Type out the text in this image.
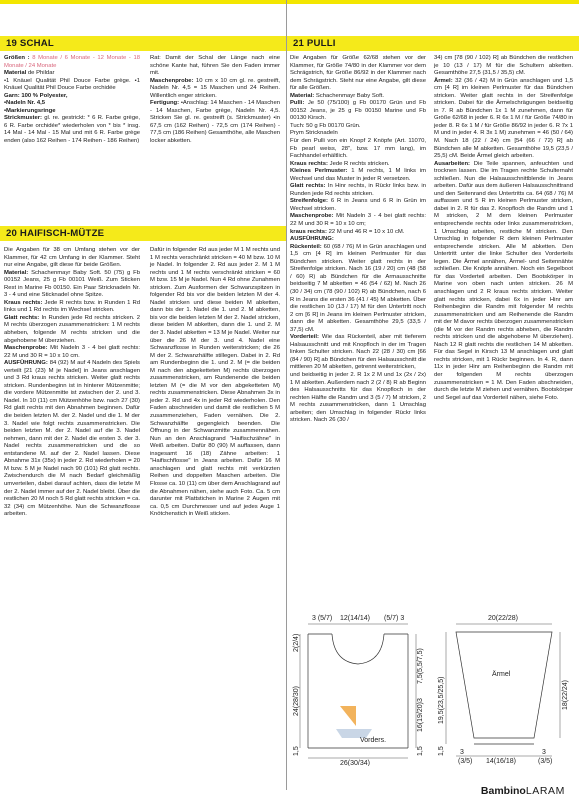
19 SCHAL
20 HAIFISCH-MÜTZE
21 PULLI

Größen : 8 Monate / 6 Monate - 12 Monate - 18 Monate / 24 Monate

Material de Phildar
•1 Knäuel Qualität Phil Douce Farbe grège. •1 Knäuel Qualität Phil Douce Farbe orchidée

Garn: 100 % Polyester,

•Nadeln Nr. 4,5

•Markierungsringe

Strickmuster: gl. re. gestrickt: * 6 R. Farbe grège, 6 R. Farbe orchidée* wiederholen von * bis * insg. 14 Mal - 14 Mal - 15 Mal und mit 6 R. Farbe grège enden (also 162 Reihen - 174 Reihen - 186 Reihen)

Rat: Damit der Schal der Länge nach eine schöne Kante hat, führen Sie den Faden immer mit.

Maschenprobe: 10 cm x 10 cm gl. re. gestreift, Nadeln Nr. 4,5 = 15 Maschen und 24 Reihen. Willentlich enger stricken.

Fertigung: •Anschlag: 14 Maschen - 14 Maschen - 14 Maschen, Farbe grège, Nadeln Nr. 4,5. Stricken Sie gl. re. gestreift (s. Strickmuster) •in 67,5 cm (162 Reihen) - 72,5 cm (174 Reihen) - 77,5 cm (186 Reihen) Gesamthöhe, alle Maschen locker abketten.

Die Angaben für 38 cm Umfang stehen vor der Klammer, für 42 cm Umfang in der Klammer. Steht nur eine Angabe, gilt diese für beide Größen.

Material: Schachenmayr Baby Soft. 50 (75) g Fb 00152 Jeans, 25 g Fb 00101 Weiß. Zum Sticken Rest in Marine Fb 00150. Ein Paar Stricknadeln Nr. 3 - 4 und eine Sticknadel ohne Spitze.

Kraus rechts: Jede R rechts bzw. in Runden 1 Rd links und 1 Rd rechts im Wechsel stricken.

Glatt rechts: In Runden jede Rd rechts stricken. 2 M rechts überzogen zusammenstricken: 1 M rechts abheben, folgende M rechts stricken und die abgehobene M überziehen.

Maschenprobe: Mit Nadeln 3 - 4 bei glatt rechts: 22 M und 30 R = 10 x 10 cm.

AUSFÜHRUNG: 84 (92) M auf 4 Nadeln des Spiels verteilt [21 (23) M je Nadel] in Jeans anschlagen und 3 Rd kraus rechts stricken. Weiter glatt rechts stricken. Rundenbeginn ist in hinterer Mützenmitte; die vordere Mützenmitte ist zwischen der 2. und 3. Nadel. In 10 (11) cm Mützenhöhe bzw. nach 27 (30) Rd glatt rechts mit den Abnahmen beginnen. Dafür die beiden letzten M. der 2. Nadel und die 1. M der 3. Nadel wie folgt rechts zusammenstricken. Die beiden letzten M. der 2. Nadel auf die 3. Nadel nehmen, dann mit der 2. Nadel die ersten 3. der 3. Nadel rechts zusammenstricken und die so entstandene M. auf der 2. Nadel lassen. Diese Abnahme 31x (35x) in jeder 2. Rd wiederholen = 20 M bzw. 5 M je Nadel nach 90 (101) Rd glatt rechts. Zwischendurch die M nach Bedarf gleichmäßig umverteilen, dabei darauf achten, dass die letzte M der 2. Nadel immer auf der 2. Nadel bleibt. Über die restlichen 20 M noch 5 Rd glatt rechts stricken = ca. 32 (34) cm Mützenhöhe. Nun die Schwanzflosse arbeiten.

Dafür in folgender Rd aus jeder M 1 M rechts und 1 M rechts verschränkt stricken = 40 M bzw. 10 M je Nadel. In folgender 2. Rd aus jeder 2. M 1 M rechts und 1 M rechts verschränkt stricken = 60 M bzw. 15 M je Nadel. Nun 4 Rd ohne Zunahmen stricken. Zum Ausformen der Schwanzspitzen in folgender Rd bis vor die beiden letzten M der 4. Nadel stricken und diese beiden M abketten, dann bis der 1. Nadel die 1. und 2. M abketten, bis vor die beiden letzten M der 2. Nadel stricken, diese beiden M abketten, dann die 1. und 2. M der 3. Nadel abketten = 13 M je Nadel. Weiter nur über die 26 M der 3. und 4. Nadel eine Schwanzflosse in Runden weiterstricken; die 26 M der 2. Schwanzhälfte stillegen. Dabei in 2. Rd am Rundenbeginn die 1. und 2. M (= die beiden M nach den abgeketteten M) rechts überzogen zusammenstricken, am Rundenende die beiden letzten M (= die M vor den abgeketteten M) rechts zusammenstricken. Diese Abnahmen 3x in jeder 2. Rd und 4x in jeder Rd wiederholen. Den Faden abschneiden und damit die restlichen 5 M zusammenziehen, Faden vernähen. Die 2. Schwanzhälfte gegengleich beenden. Die Öffnung in der Schwanzmitte zusammennähen. Nun an den Anschlagrand "Haifischzähne" in Weiß arbeiten. Dafür 80 (90) M auffassen, dann insgesamt 16 (18) Zähne arbeiten: 1 "Haifischflosse" in Jeans arbeiten. Dafür 16 M anschlagen und glatt rechts mit verkürzten Reihen und doppelten Maschen arbeiten. Die Flosse ca. 10 (11) cm über dem Anschlagrand auf die Abnahmen nähen, siehe auch Foto. Ca. 5 cm darunter mit Plattstichen in Marine 2 Augen mit ca. 0,5 cm Durchmesser und auf jedes Auge 1 Knötchenstich in Weiß sticken.

Die Angaben für Größe 62/68 stehen vor der Klammer, für Größe 74/80 in der Klammer vor dem Schrägstrich, für Größe 86/92 in der Klammer nach dem Schrägstrich. Steht nur eine Angabe, gilt diese für alle Größen.

Material: Schachenmayr Baby Soft.

Pulli: Je 50 (75/100) g Fb 00170 Grün und Fb 00152 Jeans, je 25 g Fb 00150 Marine und Fb 00130 Kirsch.

Tuch: 50 g Fb 00170 Grün.

Prym Stricknadeln

Für den Pulli von ein Knopf 2 Knöpfe (Art. 11070, Fb pearl weiss, 28", bzw. 17 mm lang), im Fachhandel erhältlich.

Kraus rechts: Jede R rechts stricken.

Kleines Perlmuster: 1 M rechts, 1 M links im Wechsel und das Muster in jeder R versetzen.

Glatt rechts: In Hinr rechts, in Rückr links bzw. in Runden jede Rd rechts stricken.

Streifenfolge: 6 R in Jeans und 6 R in Grün im Wechsel stricken.

Maschenprobe: Mit Nadeln 3 - 4 bei glatt rechts: 22 M und 30 R = 10 x 10 cm;

kraus rechts: 22 M und 46 R = 10 x 10 cM.

AUSFÜHRUNG:

Rückenteil: 60 (68 / 76) M in Grün anschlagen und 1,5 cm [4 R] im kleinen Perlmuster für das Bündchen stricken. Weiter glatt rechts in der Streifenfolge stricken. Nach 16 (19 / 20) cm (48 (58 / 60) R) ab Bündchen für die Armausschnitte beidseitig 7 M abketten = 46 (54 / 62) M. Nach 26 (30 / 34) cm (78 (90 / 102) R) ab Bündchen, nach 6 R in Jeans die ersten 36 (41 / 45) M abketten. Über die restlichen 10 (13 / 17) M für den Untertritt noch 2 cm [6 R] in Jeans im kleinen Perlmuster stricken, dann die M abketten. Gesamthöhe 29,5 (33,5 / 37,5) cM.

Vorderteil: Wie das Rückenteil, aber mit tieferem Halsausschnitt und mit Knopfloch in der im Tragen linken Schulter stricken. Nach 22 (28 / 30) cm [66 (84 / 90) R] ab Bündchen für den Halsausschnitt die mittleren 20 M abketten, getrennt weiterstricken,

und beidseitig in jeder 2. R 1x 2 M und 1x (2x / 2x) 1 M abketten. Außerdem nach 2 (2 / 8) R ab Beginn des Halsausschnitts für das Knopfloch in der rechten Hälfte die Randm und 3 (5 / 7) M stricken, 2 M rechts zusammenstricken, dann 1 Umschlag arbeiten; den Umschlag in folgender Rückr links stricken. Nach 26 (30 /

34) cm [78 (90 / 102) R] ab Bündchen die restlichen je 10 (13 / 17) M für die Schultern abketten. Gesamthöhe 27,5 (31,5 / 35,5) cM.

Ärmel: 32 (36 / 42) M in Grün anschlagen und 1,5 cm [4 R] im kleinen Perlmuster für das Bündchen stricken. Weiter glatt rechts in der Streifenfolge stricken. Dabei für die Ärmelschrägungen beidseitig in 7. R ab Bündchen 1x 1 M zunehmen, dann für Größe 62/68 in jeder 6. R 6x 1 M / für Größe 74/80 in jeder 8. R 6x 1 M / für Größe 86/92 in jeder 6. R 7x 1 M und in jeder 4. R 3x 1 M) zunehmen = 46 (50 / 64) M. Nach 18 (22 / 24) cm [54 (66 / 72) R] ab Bündchen alle M abketten. Gesamthöhe 19,5 (23,5 / 25,5) cM. Beide Ärmel gleich arbeiten.

Ausarbeiten: Die Teile spannen, anfeuchten und trocknen lassen. Die im Tragen rechte Schulternaht schließen. Nun die Halsausschnittblende in Jeans arbeiten. Dafür aus dem äußeren Halsausschnittrand und den Seitenrand des Untertritts ca. 64 (68 / 76) M auffassen und 5 R im kleinen Perlmuster stricken, dabei in 2. R für das 2. Knopfloch die Randm und 1 M stricken, 2 M dem kleinen Perlmuster entsprechende rechts oder links zusammenstricken, 1 Umschlag arbeiten, restliche M stricken. Den Umschlag in folgender R dem kleinen Perlmuster entsprechende stricken. Alle M abketten. Den Untertritt unter die linke Schulter des Vorderteils legen. Die Ärmel annähen, Ärmel- und Seitennähte schließen. Die Knöpfe annähen. Noch ein Segelboot für das Vorderteil arbeiten. Den Bootskörper in Marine von oben nach unten stricken. 26 M anschlagen und 2 R kraus rechts stricken. Weiter glatt rechts stricken, dabei 6x in jeder Hinr am Reihenbeginn die Randm mit folgender M rechts zusammenstricken und am Reihenende die Randm mit der M davor rechts überzogen zusammenstricken (die M vor der Randm rechts abheben, die Randm rechts stricken und die abgehobene M überziehen). Nach 12 R glatt rechts die restlichen 14 M abketten. Für das Segel in Kirsch 13 M anschlagen und glatt rechts stricken, mit 1 Rückr beginnen. In 4. R, dann 11x in jeder Hinr am Reihenbeginn die Randm mit der folgenden M rechts überzogen zusammenstricken = 1 M. Den Faden abschneiden, durch die letzte M ziehen und vernähen. Bootskörper und Segel auf das Vorderteil nähen, siehe Foto.

3 (5/7) 12(14/14) (5/7) 3
2(2/4)
24(28/30)
1,5
7,5(5,5/7,5)
16(19/20)
3
1,5
Vorders.
26(30/34)
20(22/28)
19,5(23,5/25,5)
1,5
Ärmel
18(22/24)
3
(3/5) 14(16/18)
3
(3/5)
BambinoLARAM
